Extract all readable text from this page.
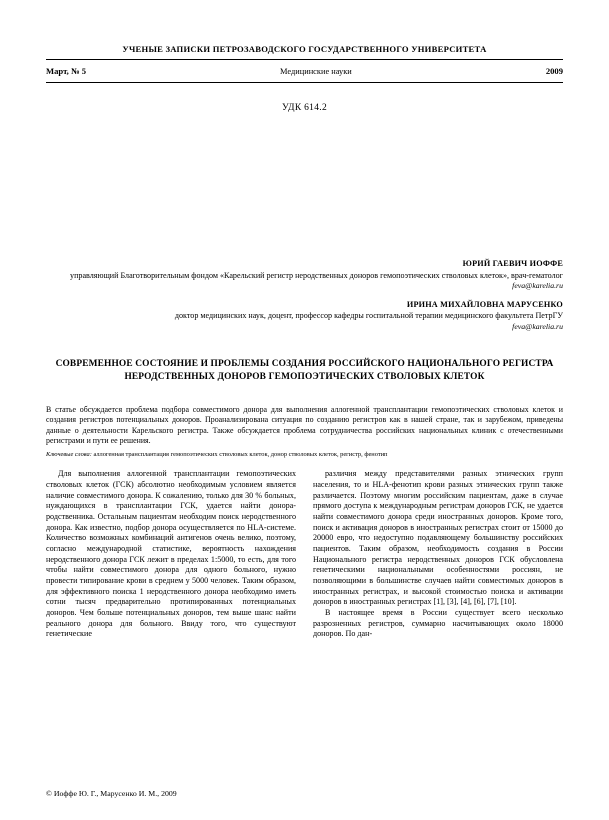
УЧЕНЫЕ ЗАПИСКИ ПЕТРОЗАВОДСКОГО ГОСУДАРСТВЕННОГО УНИВЕРСИТЕТА
Март, № 5	Медицинские науки	2009
УДК 614.2
ЮРИЙ ГАЕВИЧ ИОФФЕ
управляющий Благотворительным фондом «Карельский регистр неродственных доноров гемопоэтических стволовых клеток», врач-гематолог
feva@karelia.ru
ИРИНА МИХАЙЛОВНА МАРУСЕНКО
доктор медицинских наук, доцент, профессор кафедры госпитальной терапии медицинского факультета ПетрГУ
feva@karelia.ru
СОВРЕМЕННОЕ СОСТОЯНИЕ И ПРОБЛЕМЫ СОЗДАНИЯ РОССИЙСКОГО НАЦИОНАЛЬНОГО РЕГИСТРА НЕРОДСТВЕННЫХ ДОНОРОВ ГЕМОПОЭТИЧЕСКИХ СТВОЛОВЫХ КЛЕТОК
В статье обсуждается проблема подбора совместимого донора для выполнения аллогенной трансплантации гемопоэтических стволовых клеток и создания регистров потенциальных доноров. Проанализирована ситуация по созданию регистров как в нашей стране, так и зарубежом, приведены данные о деятельности Карельского регистра. Также обсуждается проблема сотрудничества российских национальных клиник с отечественными регистрами и пути ее решения.
Ключевые слова: аллогенная трансплантация гемопоэтических стволовых клеток, донор стволовых клеток, регистр, фенотип

Для выполнения аллогенной трансплантации гемопоэтических стволовых клеток (ГСК) абсолютно необходимым условием является наличие совместимого донора. К сожалению, только для 30 % больных, нуждающихся в трансплантации ГСК, удается найти донора-родственника. Остальным пациентам необходим поиск неродственного донора. Как известно, подбор донора осуществляется по HLA-системе. Количество возможных комбинаций антигенов очень велико, поэтому, согласно международной статистике, вероятность нахождения неродственного донора ГСК лежит в пределах 1:5000, то есть, для того чтобы найти совместимого донора для одного больного, нужно провести типирование крови в среднем у 5000 человек. Таким образом, для эффективного поиска 1 неродственного донора необходимо иметь сотни тысяч предварительно протипированных потенциальных доноров. Чем больше потенциальных доноров, тем выше шанс найти реального донора для больного. Ввиду того, что существуют генетические

различия между представителями разных этнических групп населения, то и HLA-фенотип крови разных этнических групп также различается. Поэтому многим российским пациентам, даже в случае прямого доступа к международным регистрам доноров ГСК, не удается найти совместимого донора среди иностранных доноров. Кроме того, поиск и активация доноров в иностранных регистрах стоит от 15000 до 20000 евро, что недоступно подавляющему большинству российских пациентов. Таким образом, необходимость создания в России Национального регистра неродственных доноров ГСК обусловлена генетическими национальными особенностями россиян, не позволяющими в большинстве случаев найти совместимых доноров в иностранных регистрах, и высокой стоимостью поиска и активации доноров в иностранных регистрах [1], [3], [4], [6], [7], [10].

В настоящее время в России существует всего несколько разрозненных регистров, суммарно насчитывающих около 18000 доноров. По дан-

© Иоффе Ю. Г., Марусенко И. М., 2009
